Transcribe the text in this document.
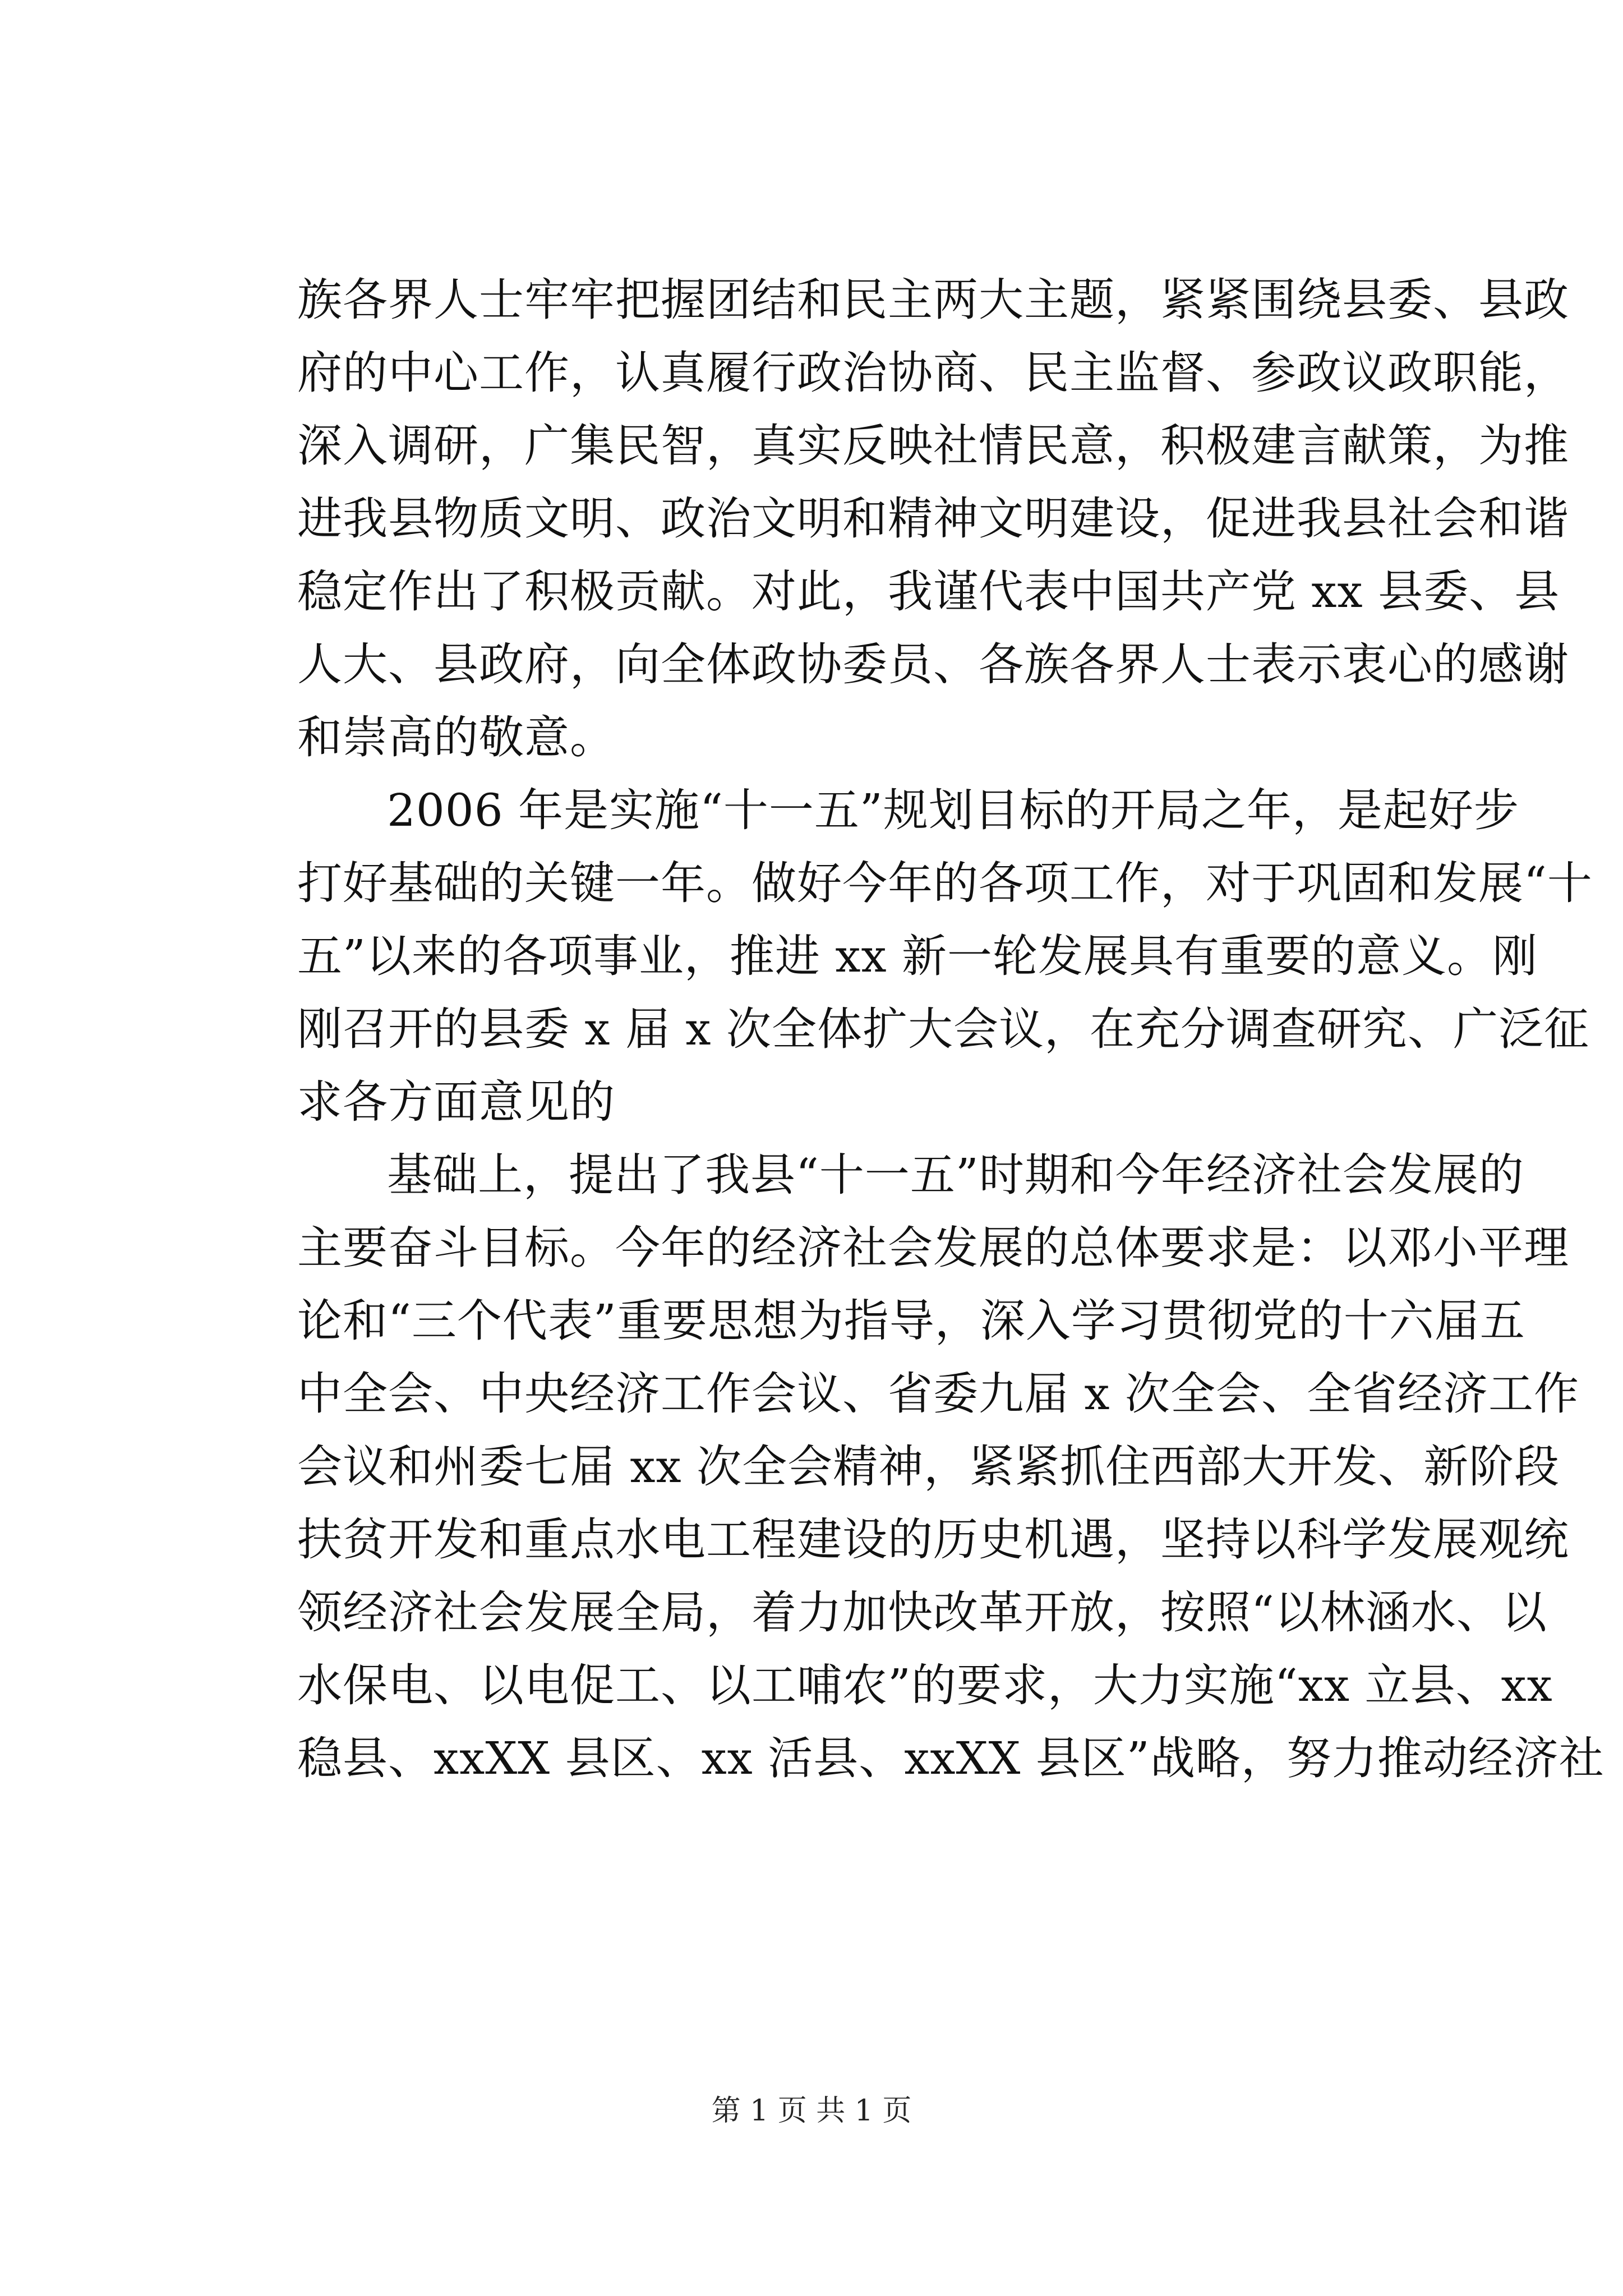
族各界人士牢牢把握团结和民主两大主题，紧紧围绕县委、县政
府的中心工作，认真履行政治协商、民主监督、参政议政职能，
深入调研，广集民智，真实反映社情民意，积极建言献策，为推
进我县物质文明、政治文明和精神文明建设，促进我县社会和谐
稳定作出了积极贡献。对此，我谨代表中国共产党 xx 县委、县
人大、县政府，向全体政协委员、各族各界人士表示衷心的感谢
和崇高的敬意。
2006 年是实施“十一五”规划目标的开局之年，是起好步
打好基础的关键一年。做好今年的各项工作，对于巩固和发展“十
五”以来的各项事业，推进 xx 新一轮发展具有重要的意义。刚
刚召开的县委 x 届 x 次全体扩大会议，在充分调查研究、广泛征
求各方面意见的
基础上，提出了我县“十一五”时期和今年经济社会发展的
主要奋斗目标。今年的经济社会发展的总体要求是：以邓小平理
论和“三个代表”重要思想为指导，深入学习贯彻党的十六届五
中全会、中央经济工作会议、省委九届 x 次全会、全省经济工作
会议和州委七届 xx 次全会精神，紧紧抓住西部大开发、新阶段
扶贫开发和重点水电工程建设的历史机遇，坚持以科学发展观统
领经济社会发展全局，着力加快改革开放，按照“以林涵水、以
水保电、以电促工、以工哺农”的要求，大力实施“xx 立县、xx
稳县、xxXX 县区、xx 活县、xxXX 县区”战略，努力推动经济社
第 1 页 共 1 页
